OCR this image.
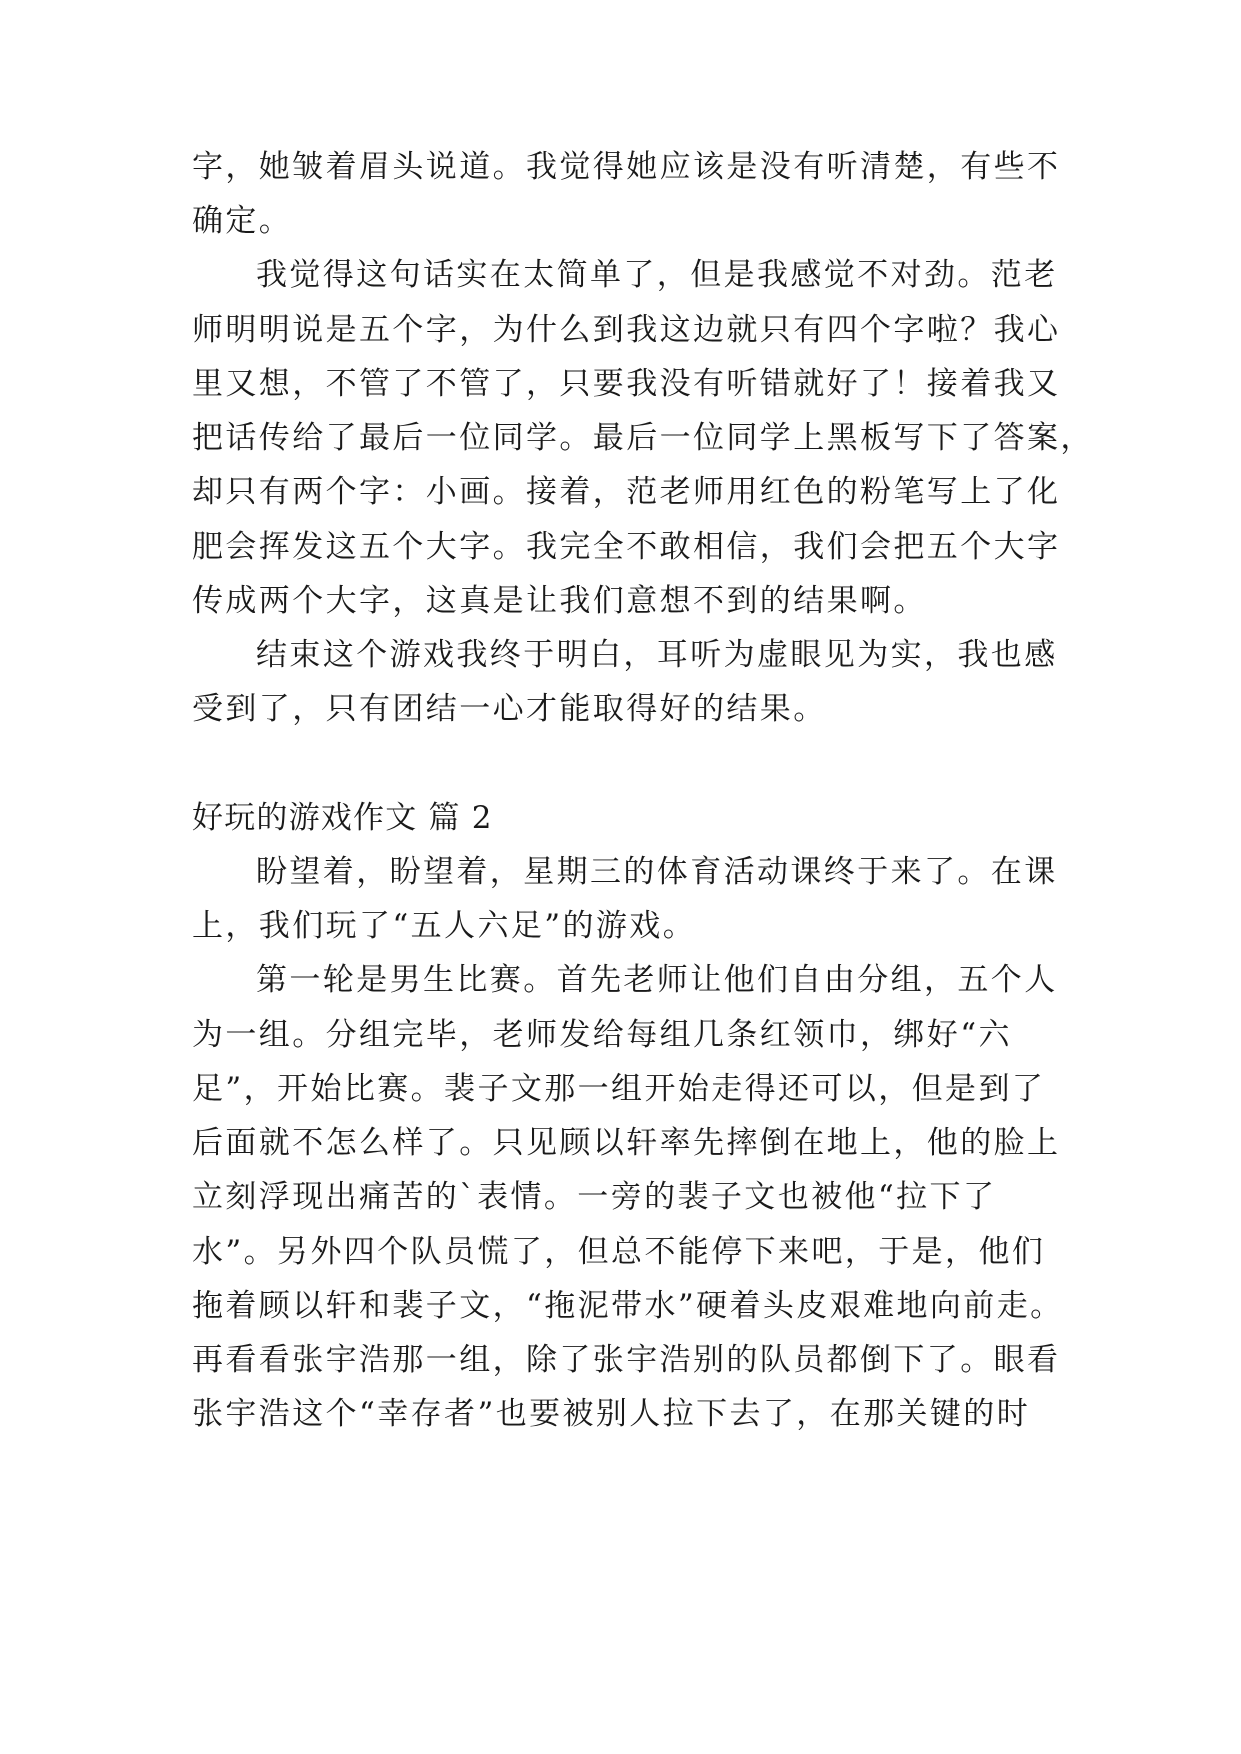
字，她皱着眉头说道。我觉得她应该是没有听清楚，有些不
确定。
我觉得这句话实在太简单了，但是我感觉不对劲。范老
师明明说是五个字，为什么到我这边就只有四个字啦？我心
里又想，不管了不管了，只要我没有听错就好了！接着我又
把话传给了最后一位同学。最后一位同学上黑板写下了答案，
却只有两个字：小画。接着，范老师用红色的粉笔写上了化
肥会挥发这五个大字。我完全不敢相信，我们会把五个大字
传成两个大字，这真是让我们意想不到的结果啊。
结束这个游戏我终于明白，耳听为虚眼见为实，我也感
受到了，只有团结一心才能取得好的结果。
好玩的游戏作文 篇 2
盼望着，盼望着，星期三的体育活动课终于来了。在课
上，我们玩了“五人六足”的游戏。
第一轮是男生比赛。首先老师让他们自由分组，五个人
为一组。分组完毕，老师发给每组几条红领巾，绑好“六
足”，开始比赛。裴子文那一组开始走得还可以，但是到了
后面就不怎么样了。只见顾以轩率先摔倒在地上，他的脸上
立刻浮现出痛苦的`表情。一旁的裴子文也被他“拉下了
水”。另外四个队员慌了，但总不能停下来吧，于是，他们
拖着顾以轩和裴子文，“拖泥带水”硬着头皮艰难地向前走。
再看看张宇浩那一组，除了张宇浩别的队员都倒下了。眼看
张宇浩这个“幸存者”也要被别人拉下去了，在那关键的时
